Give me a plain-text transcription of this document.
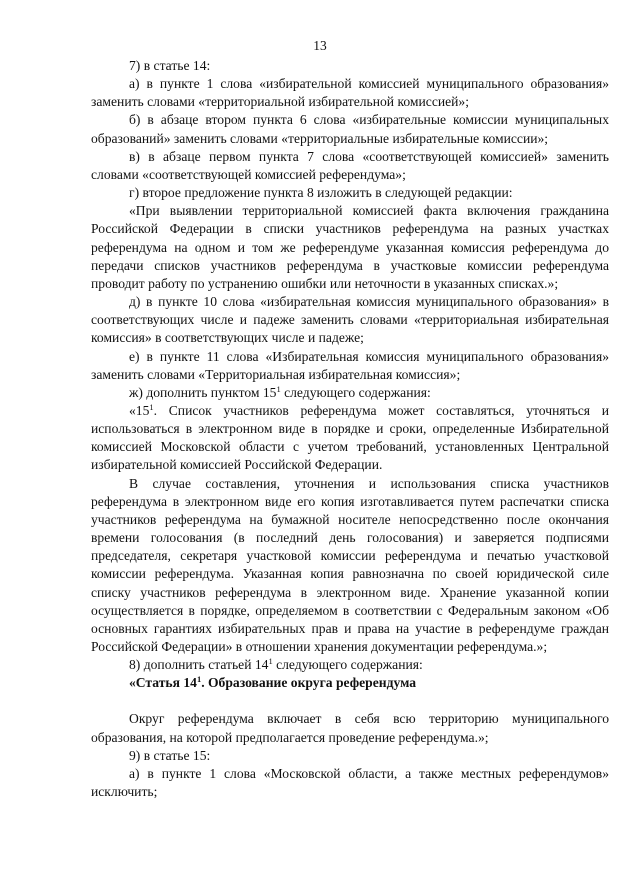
13

7) в статье 14:

а) в пункте 1 слова «избирательной комиссией муниципального образования» заменить словами «территориальной избирательной комиссией»;

б) в абзаце втором пункта 6 слова «избирательные комиссии муниципальных образований» заменить словами «территориальные избирательные комиссии»;

в) в абзаце первом пункта 7 слова «соответствующей комиссией» заменить словами «соответствующей комиссией референдума»;

г) второе предложение пункта 8 изложить в следующей редакции:

«При выявлении территориальной комиссией факта включения гражданина Российской Федерации в списки участников референдума на разных участках референдума на одном и том же референдуме указанная комиссия референдума до передачи списков участников референдума в участковые комиссии референдума проводит работу по устранению ошибки или неточности в указанных списках.»;

д) в пункте 10 слова «избирательная комиссия муниципального образования» в соответствующих числе и падеже заменить словами «территориальная избирательная комиссия» в соответствующих числе и падеже;

е) в пункте 11 слова «Избирательная комиссия муниципального образования» заменить словами «Территориальная избирательная комиссия»;

ж) дополнить пунктом $15^1$ следующего содержания:

«$15^1$. Список участников референдума может составляться, уточняться и использоваться в электронном виде в порядке и сроки, определенные Избирательной комиссией Московской области с учетом требований, установленных Центральной избирательной комиссией Российской Федерации.

В случае составления, уточнения и использования списка участников референдума в электронном виде его копия изготавливается путем распечатки списка участников референдума на бумажной носителе непосредственно после окончания времени голосования (в последний день голосования) и заверяется подписями председателя, секретаря участковой комиссии референдума и печатью участковой комиссии референдума. Указанная копия равнозначна по своей юридической силе списку участников референдума в электронном виде. Хранение указанной копии осуществляется в порядке, определяемом в соответствии с Федеральным законом «Об основных гарантиях избирательных прав и права на участие в референдуме граждан Российской Федерации» в отношении хранения документации референдума.»;

8) дополнить статьей $14^1$ следующего содержания:

«Статья $14^1$. Образование округа референдума

Округ референдума включает в себя всю территорию муниципального образования, на которой предполагается проведение референдума.»;

9) в статье 15:

а) в пункте 1 слова «Московской области, а также местных референдумов» исключить;
